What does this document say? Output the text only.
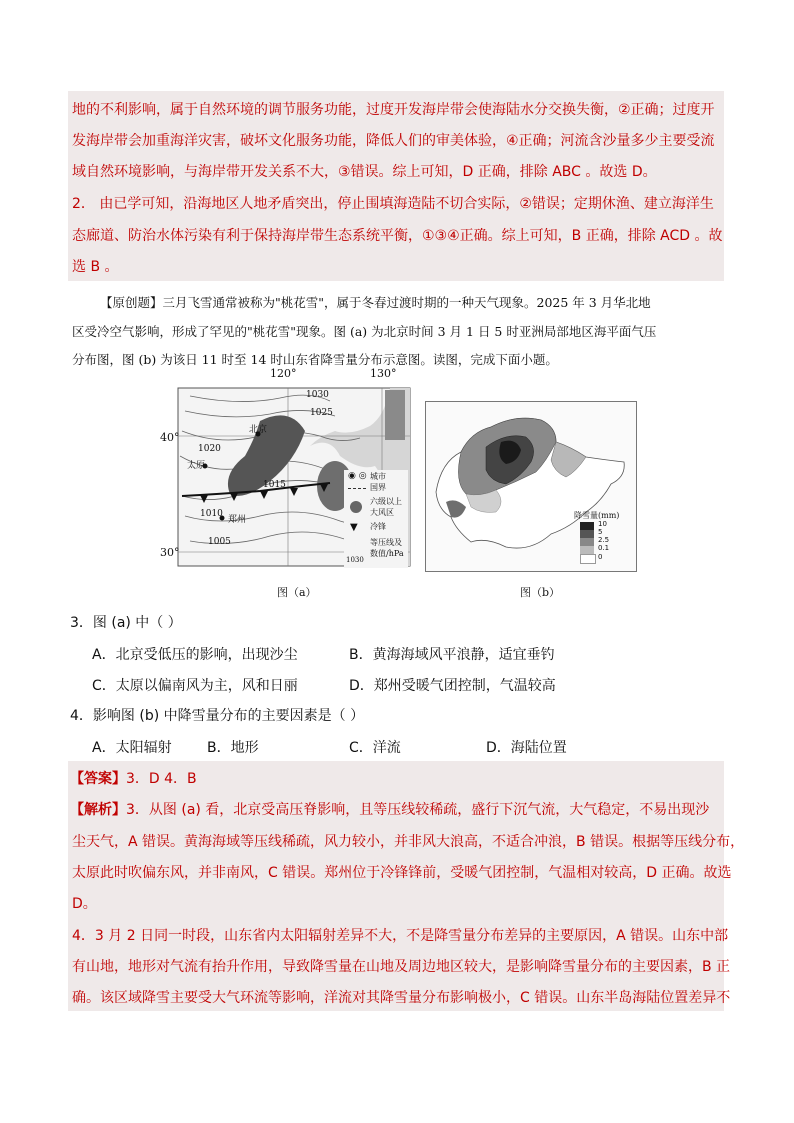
地的不利影响，属于自然环境的调节服务功能，过度开发海岸带会使海陆水分交换失衡，②正确；过度开
发海岸带会加重海洋灾害，破坏文化服务功能，降低人们的审美体验，④正确；河流含沙量多少主要受流
域自然环境影响，与海岸带开发关系不大，③错误。综上可知，D 正确，排除 ABC 。故选 D。
2． 由已学可知，沿海地区人地矛盾突出，停止围填海造陆不切合实际，②错误；定期休渔、建立海洋生
态廊道、防治水体污染有利于保持海岸带生态系统平衡，①③④正确。综上可知，B 正确，排除 ACD 。故
选 B 。
【原创题】三月飞雪通常被称为"桃花雪"，属于冬春过渡时期的一种天气现象。2025 年 3 月华北地
区受冷空气影响，形成了罕见的"桃花雪"现象。图 (a) 为北京时间 3 月 1 日 5 时亚洲局部地区海平面气压
分布图，图 (b) 为该日 11 时至 14 时山东省降雪量分布示意图。读图，完成下面小题。
120°	130°
40°
30°
北京
太原
郑州
1030
1025
1020
1015
1010
1005
◉ ◎ 城市
国界
六级以上
大风区
▼ 冷锋
等压线及
数值/hPa
1030
图（a）
降雪量(mm)
10
5
2.5
0.1
0
图（b）
3．图 (a) 中（ ）
A．北京受低压的影响，出现沙尘	B．黄海海域风平浪静，适宜垂钓
C．太原以偏南风为主，风和日丽	D．郑州受暖气团控制，气温较高
4．影响图 (b) 中降雪量分布的主要因素是（ ）
A．太阳辐射	B．地形	C．洋流	D．海陆位置
【答案】3．D 4．B
【解析】3．从图 (a) 看，北京受高压脊影响，且等压线较稀疏，盛行下沉气流，大气稳定，不易出现沙
尘天气，A 错误。黄海海域等压线稀疏，风力较小，并非风大浪高，不适合冲浪，B 错误。根据等压线分布，
太原此时吹偏东风，并非南风，C 错误。郑州位于冷锋锋前，受暖气团控制，气温相对较高，D 正确。故选
D。
4．3 月 2 日同一时段，山东省内太阳辐射差异不大，不是降雪量分布差异的主要原因，A 错误。山东中部
有山地，地形对气流有抬升作用，导致降雪量在山地及周边地区较大，是影响降雪量分布的主要因素，B 正
确。该区域降雪主要受大气环流等影响，洋流对其降雪量分布影响极小，C 错误。山东半岛海陆位置差异不
